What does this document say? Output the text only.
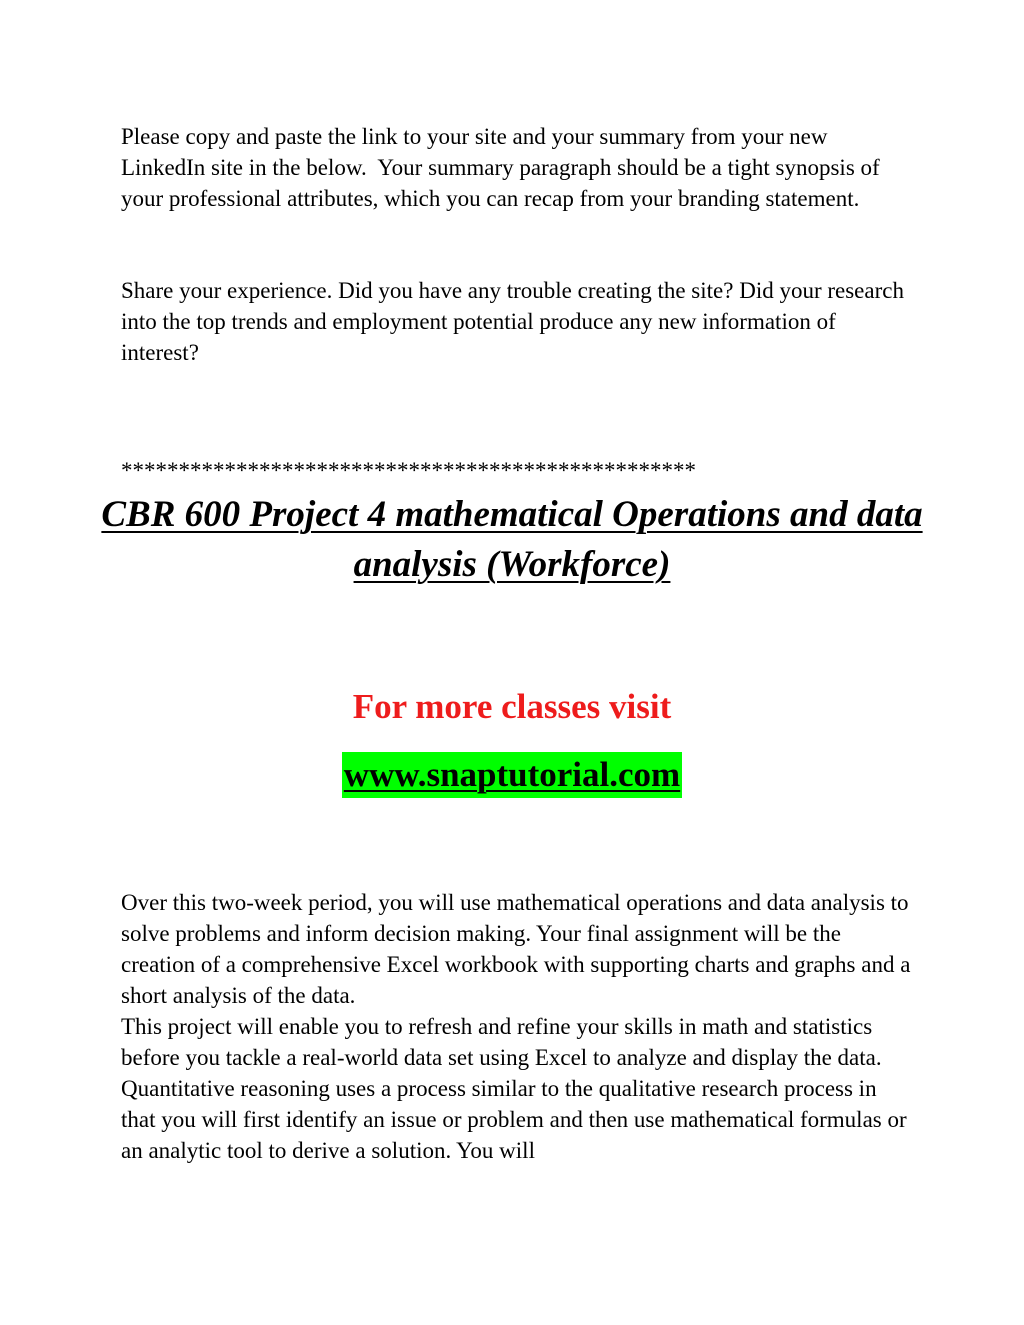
Please copy and paste the link to your site and your summary from your new LinkedIn site in the below.  Your summary paragraph should be a tight synopsis of your professional attributes, which you can recap from your branding statement.

Share your experience. Did you have any trouble creating the site? Did your research into the top trends and employment potential produce any new information of interest?

**************************************************

CBR 600 Project 4 mathematical Operations and data analysis (Workforce)

For more classes visit

www.snaptutorial.com

Over this two-week period, you will use mathematical operations and data analysis to solve problems and inform decision making. Your final assignment will be the creation of a comprehensive Excel workbook with supporting charts and graphs and a short analysis of the data.
This project will enable you to refresh and refine your skills in math and statistics before you tackle a real-world data set using Excel to analyze and display the data.
Quantitative reasoning uses a process similar to the qualitative research process in that you will first identify an issue or problem and then use mathematical formulas or an analytic tool to derive a solution. You will
